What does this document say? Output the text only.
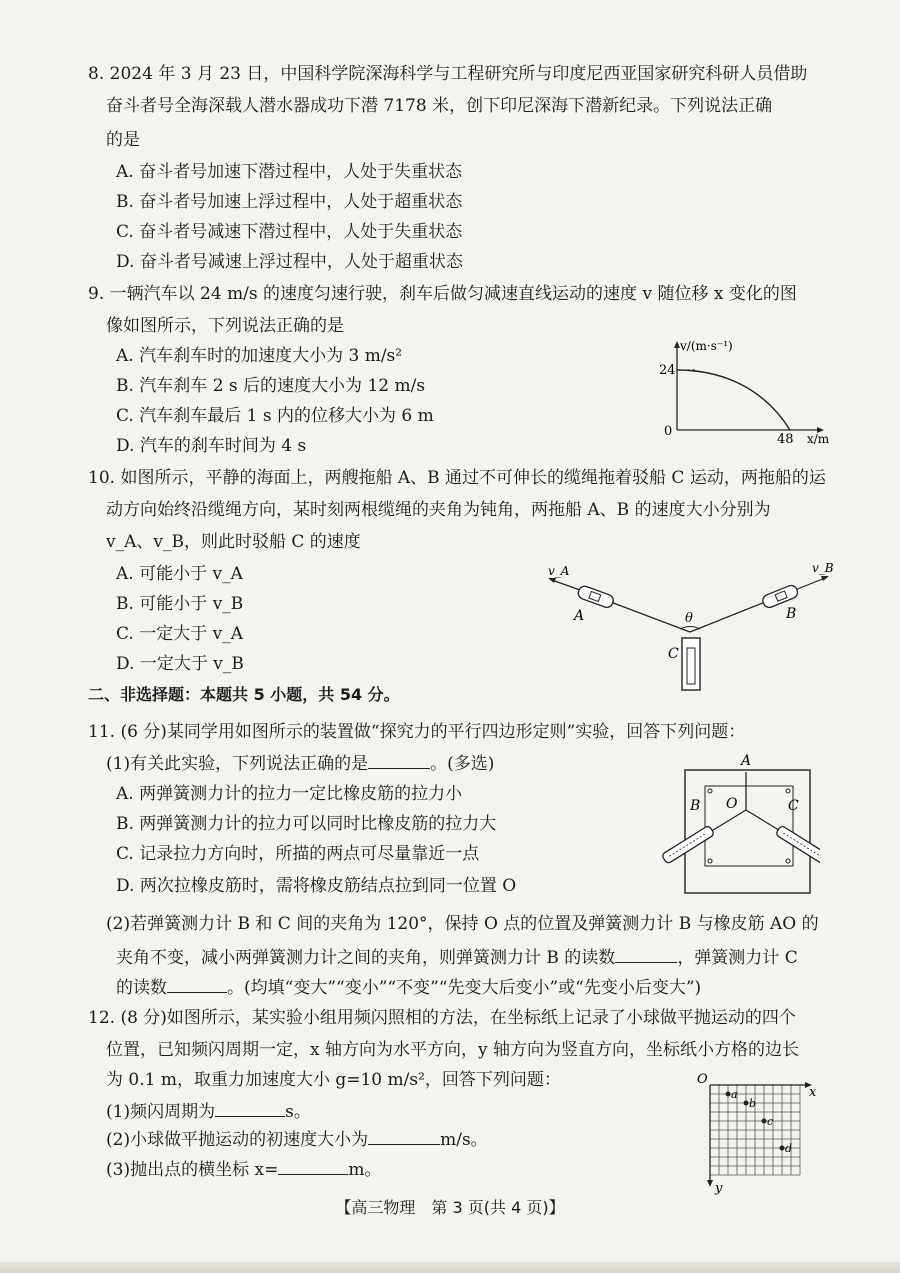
8. 2024 年 3 月 23 日，中国科学院深海科学与工程研究所与印度尼西亚国家研究科研人员借助
奋斗者号全海深载人潜水器成功下潜 7178 米，创下印尼深海下潜新纪录。下列说法正确
的是
A. 奋斗者号加速下潜过程中，人处于失重状态
B. 奋斗者号加速上浮过程中，人处于超重状态
C. 奋斗者号减速下潜过程中，人处于失重状态
D. 奋斗者号减速上浮过程中，人处于超重状态
9. 一辆汽车以 24 m/s 的速度匀速行驶，刹车后做匀减速直线运动的速度 v 随位移 x 变化的图
像如图所示，下列说法正确的是
A. 汽车刹车时的加速度大小为 3 m/s²
B. 汽车刹车 2 s 后的速度大小为 12 m/s
C. 汽车刹车最后 1 s 内的位移大小为 6 m
D. 汽车的刹车时间为 4 s
v/(m·s⁻¹)
24
0
48 x/m
10. 如图所示，平静的海面上，两艘拖船 A、B 通过不可伸长的缆绳拖着驳船 C 运动，两拖船的运
动方向始终沿缆绳方向，某时刻两根缆绳的夹角为钝角，两拖船 A、B 的速度大小分别为
v_A、v_B，则此时驳船 C 的速度
A. 可能小于 v_A
B. 可能小于 v_B
C. 一定大于 v_A
D. 一定大于 v_B
v_A	v_B
A	B
θ
C
二、非选择题：本题共 5 小题，共 54 分。
11. (6 分)某同学用如图所示的装置做“探究力的平行四边形定则”实验，回答下列问题：
(1)有关此实验，下列说法正确的是	。(多选)
A. 两弹簧测力计的拉力一定比橡皮筋的拉力小
B. 两弹簧测力计的拉力可以同时比橡皮筋的拉力大
C. 记录拉力方向时，所描的两点可尽量靠近一点
D. 两次拉橡皮筋时，需将橡皮筋结点拉到同一位置 O
A
O
B	C
(2)若弹簧测力计 B 和 C 间的夹角为 120°，保持 O 点的位置及弹簧测力计 B 与橡皮筋 AO 的
夹角不变，减小两弹簧测力计之间的夹角，则弹簧测力计 B 的读数	，弹簧测力计 C
的读数	。(均填“变大”“变小”“不变”“先变大后变小”或“先变小后变大”)
12. (8 分)如图所示，某实验小组用频闪照相的方法，在坐标纸上记录了小球做平抛运动的四个
位置，已知频闪周期一定，x 轴方向为水平方向，y 轴方向为竖直方向，坐标纸小方格的边长
为 0.1 m，取重力加速度大小 g=10 m/s²，回答下列问题：
(1)频闪周期为	s。
(2)小球做平抛运动的初速度大小为	m/s。
(3)抛出点的横坐标 x=	m。
O
x
y
a
b
c
d
【高三物理　第 3 页(共 4 页)】
